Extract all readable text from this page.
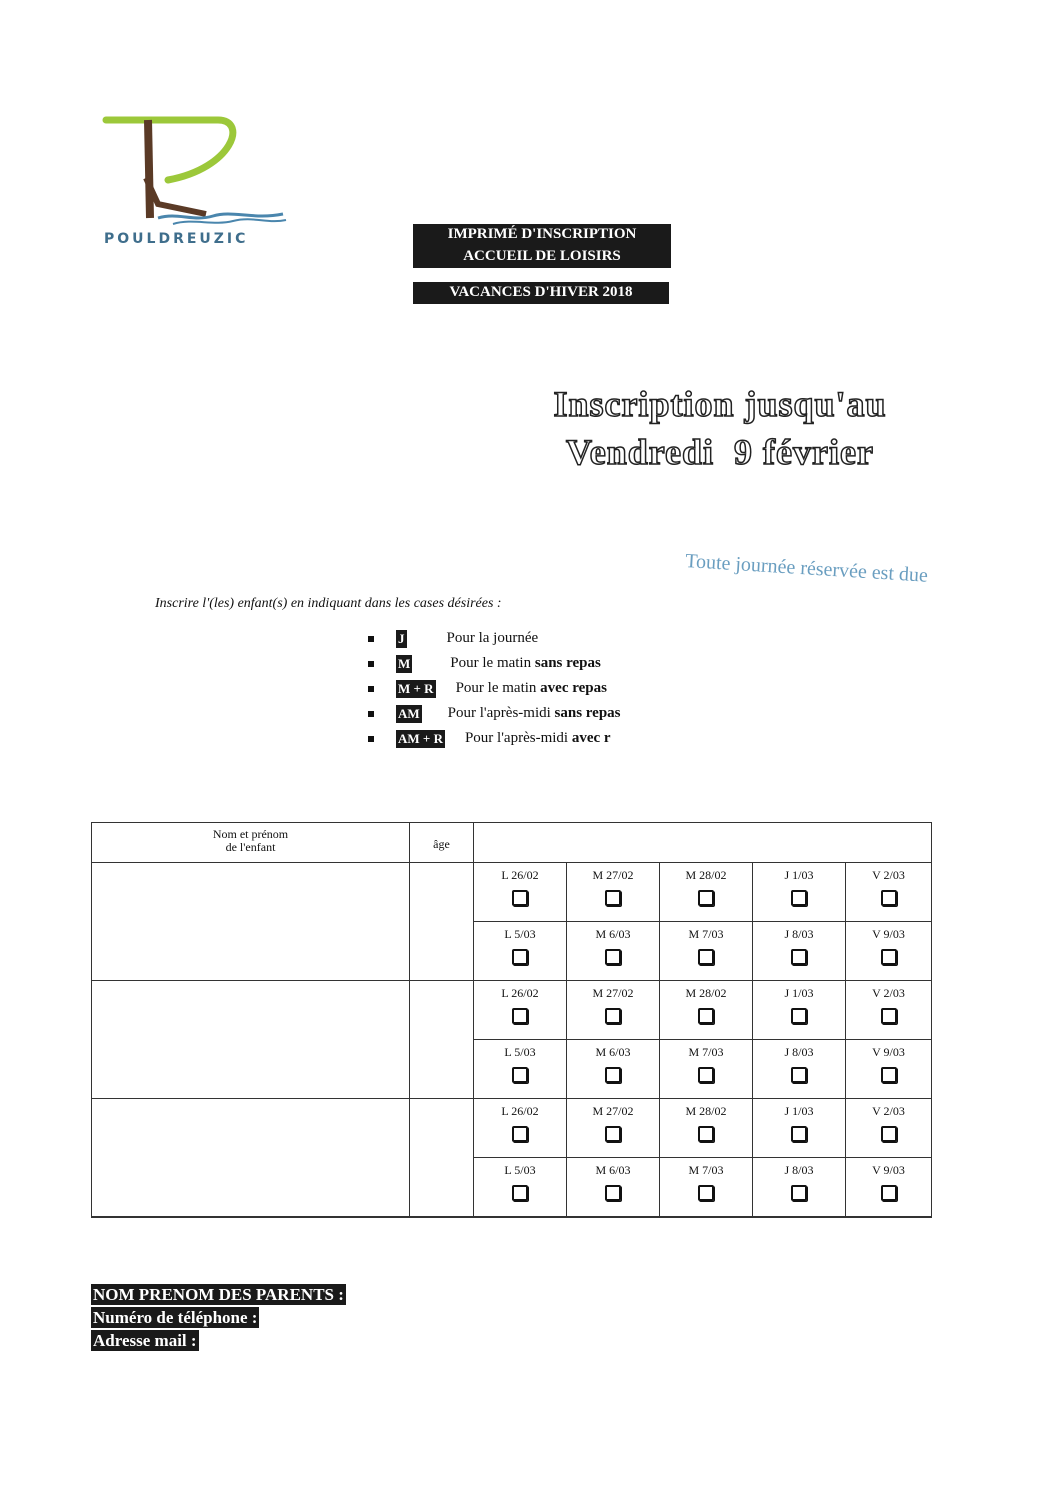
POULDREUZIC	IMPRIMÉ D'INSCRIPTION
ACCUEIL DE LOISIRS
VACANCES D'HIVER 2018
Inscription jusqu'au
Vendredi  9 février
Toute journée réservée est due
Inscrire l'(les) enfant(s) en indiquant dans les cases désirées :
J	Pour la journée
M	Pour le matin sans repas
M + R Pour le matin avec repas
AM Pour l'après-midi sans repas
AM + R Pour l'après-midi avec r
Nom et prénom
de l'enfant	âge
L 26/02	M 27/02	M 28/02	J 1/03	V 2/03
L 5/03	M 6/03	M 7/03	J 8/03	V 9/03
L 26/02	M 27/02	M 28/02	J 1/03	V 2/03
L 5/03	M 6/03	M 7/03	J 8/03	V 9/03
L 26/02	M 27/02	M 28/02	J 1/03	V 2/03
L 5/03	M 6/03	M 7/03	J 8/03	V 9/03
NOM PRENOM DES PARENTS :
Numéro de téléphone :
Adresse mail :
